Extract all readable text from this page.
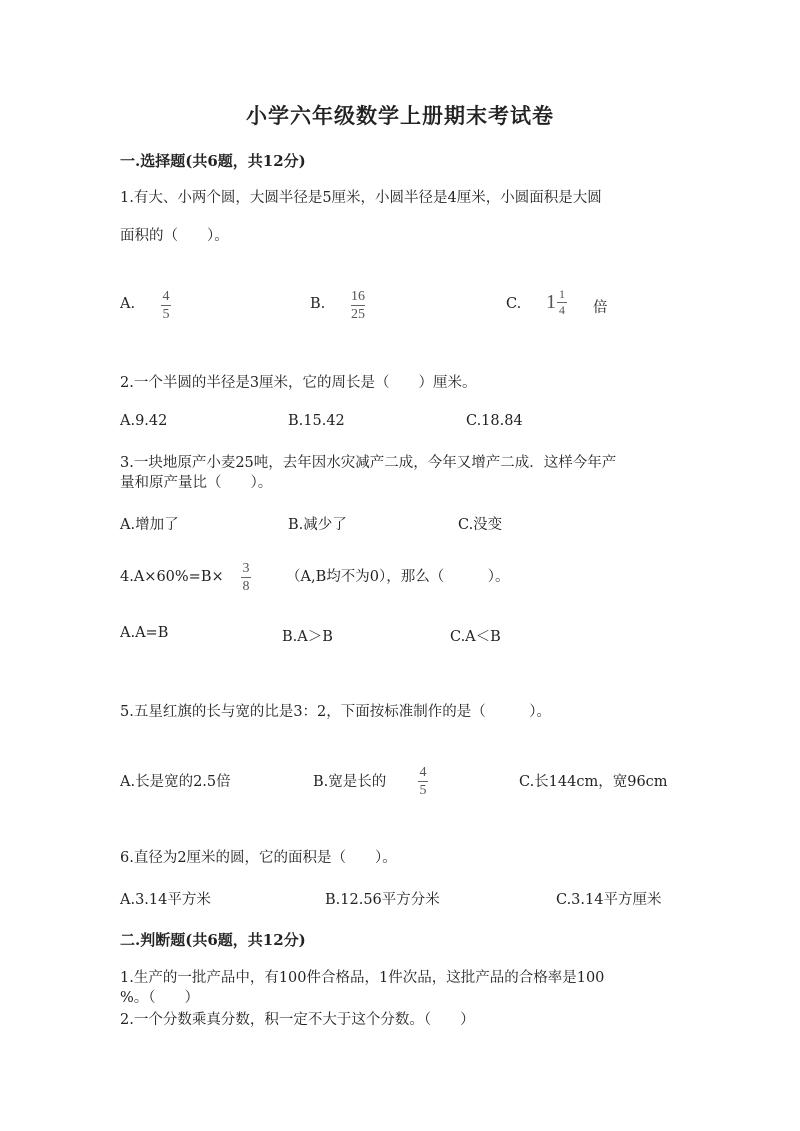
小学六年级数学上册期末考试卷
一.选择题(共6题，共12分)
1.有大、小两个圆，大圆半径是5厘米，小圆半径是4厘米，小圆面积是大圆
面积的（　　）。
A. 4
5
B. 16
25
C. $1 \frac{1}{4}$ 倍
2.一个半圆的半径是3厘米，它的周长是（　　）厘米。
A.9.42	B.15.42	C.18.84
3.一块地原产小麦25吨，去年因水灾减产二成，今年又增产二成．这样今年产
量和原产量比（　　）。
A.增加了	B.减少了	C.没变
4.A×60%=B×
3
8
（A,B均不为0），那么（　　　）。
A.A=B	B.A＞B	C.A＜B
5.五星红旗的长与宽的比是3：2，下面按标准制作的是（　　　）。
A.长是宽的2.5倍	B.宽是长的
4
5
C.长144cm，宽96cm
6.直径为2厘米的圆，它的面积是（　　）。
A.3.14平方米	B.12.56平方分米	C.3.14平方厘米
二.判断题(共6题，共12分)
1.生产的一批产品中，有100件合格品，1件次品，这批产品的合格率是100
%。（　　）
2.一个分数乘真分数，积一定不大于这个分数。（　　）
